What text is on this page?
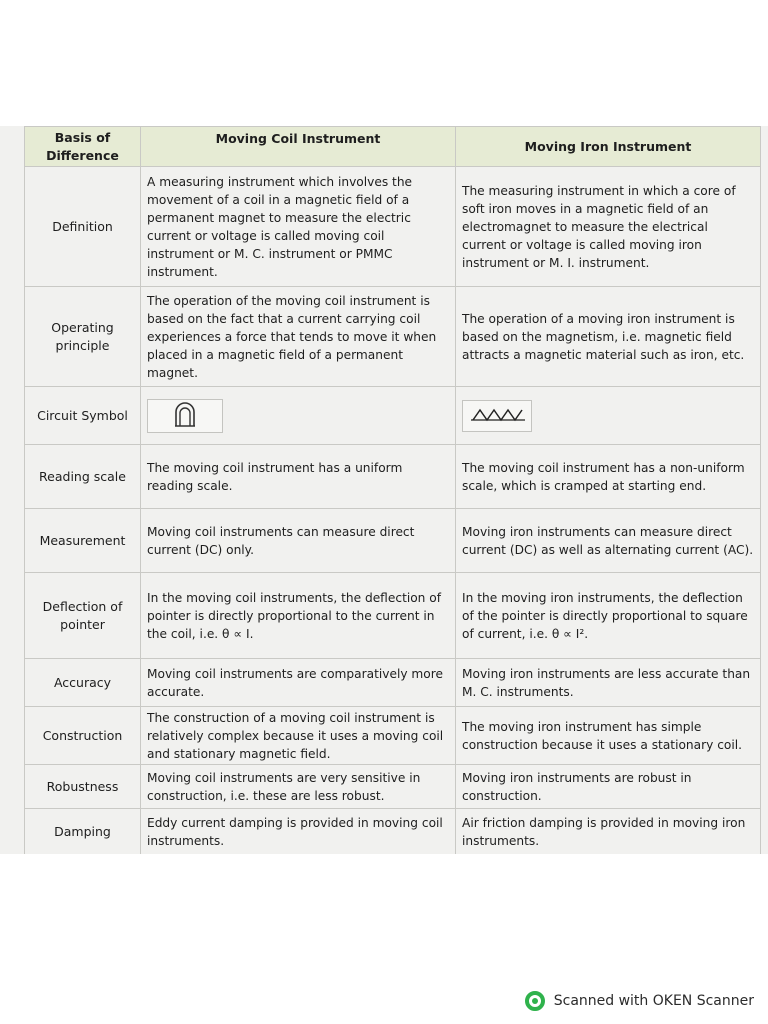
Basis of Difference	Moving Coil Instrument	Moving Iron Instrument
Definition	A measuring instrument which involves the movement of a coil in a magnetic field of a permanent magnet to measure the electric current or voltage is called moving coil instrument or M. C. instrument or PMMC instrument.	The measuring instrument in which a core of soft iron moves in a magnetic field of an electromagnet to measure the electrical current or voltage is called moving iron instrument or M. I. instrument.
Operating principle	The operation of the moving coil instrument is based on the fact that a current carrying coil experiences a force that tends to move it when placed in a magnetic field of a permanent magnet.	The operation of a moving iron instrument is based on the magnetism, i.e. magnetic field attracts a magnetic material such as iron, etc.
Circuit Symbol	

Reading scale	The moving coil instrument has a uniform reading scale.	The moving coil instrument has a non-uniform scale, which is cramped at starting end.
Measurement	Moving coil instruments can measure direct current (DC) only.	Moving iron instruments can measure direct current (DC) as well as alternating current (AC).
Deflection of pointer	In the moving coil instruments, the deflection of pointer is directly proportional to the current in the coil, i.e. θ ∝ I.	In the moving iron instruments, the deflection of the pointer is directly proportional to square of current, i.e. θ ∝ I².
Accuracy	Moving coil instruments are comparatively more accurate.	Moving iron instruments are less accurate than M. C. instruments.
Construction	The construction of a moving coil instrument is relatively complex because it uses a moving coil and stationary magnetic field.	The moving iron instrument has simple construction because it uses a stationary coil.
Robustness	Moving coil instruments are very sensitive in construction, i.e. these are less robust.	Moving iron instruments are robust in construction.
Damping	Eddy current damping is provided in moving coil instruments.	Air friction damping is provided in moving iron instruments.
Scanned with OKEN Scanner
